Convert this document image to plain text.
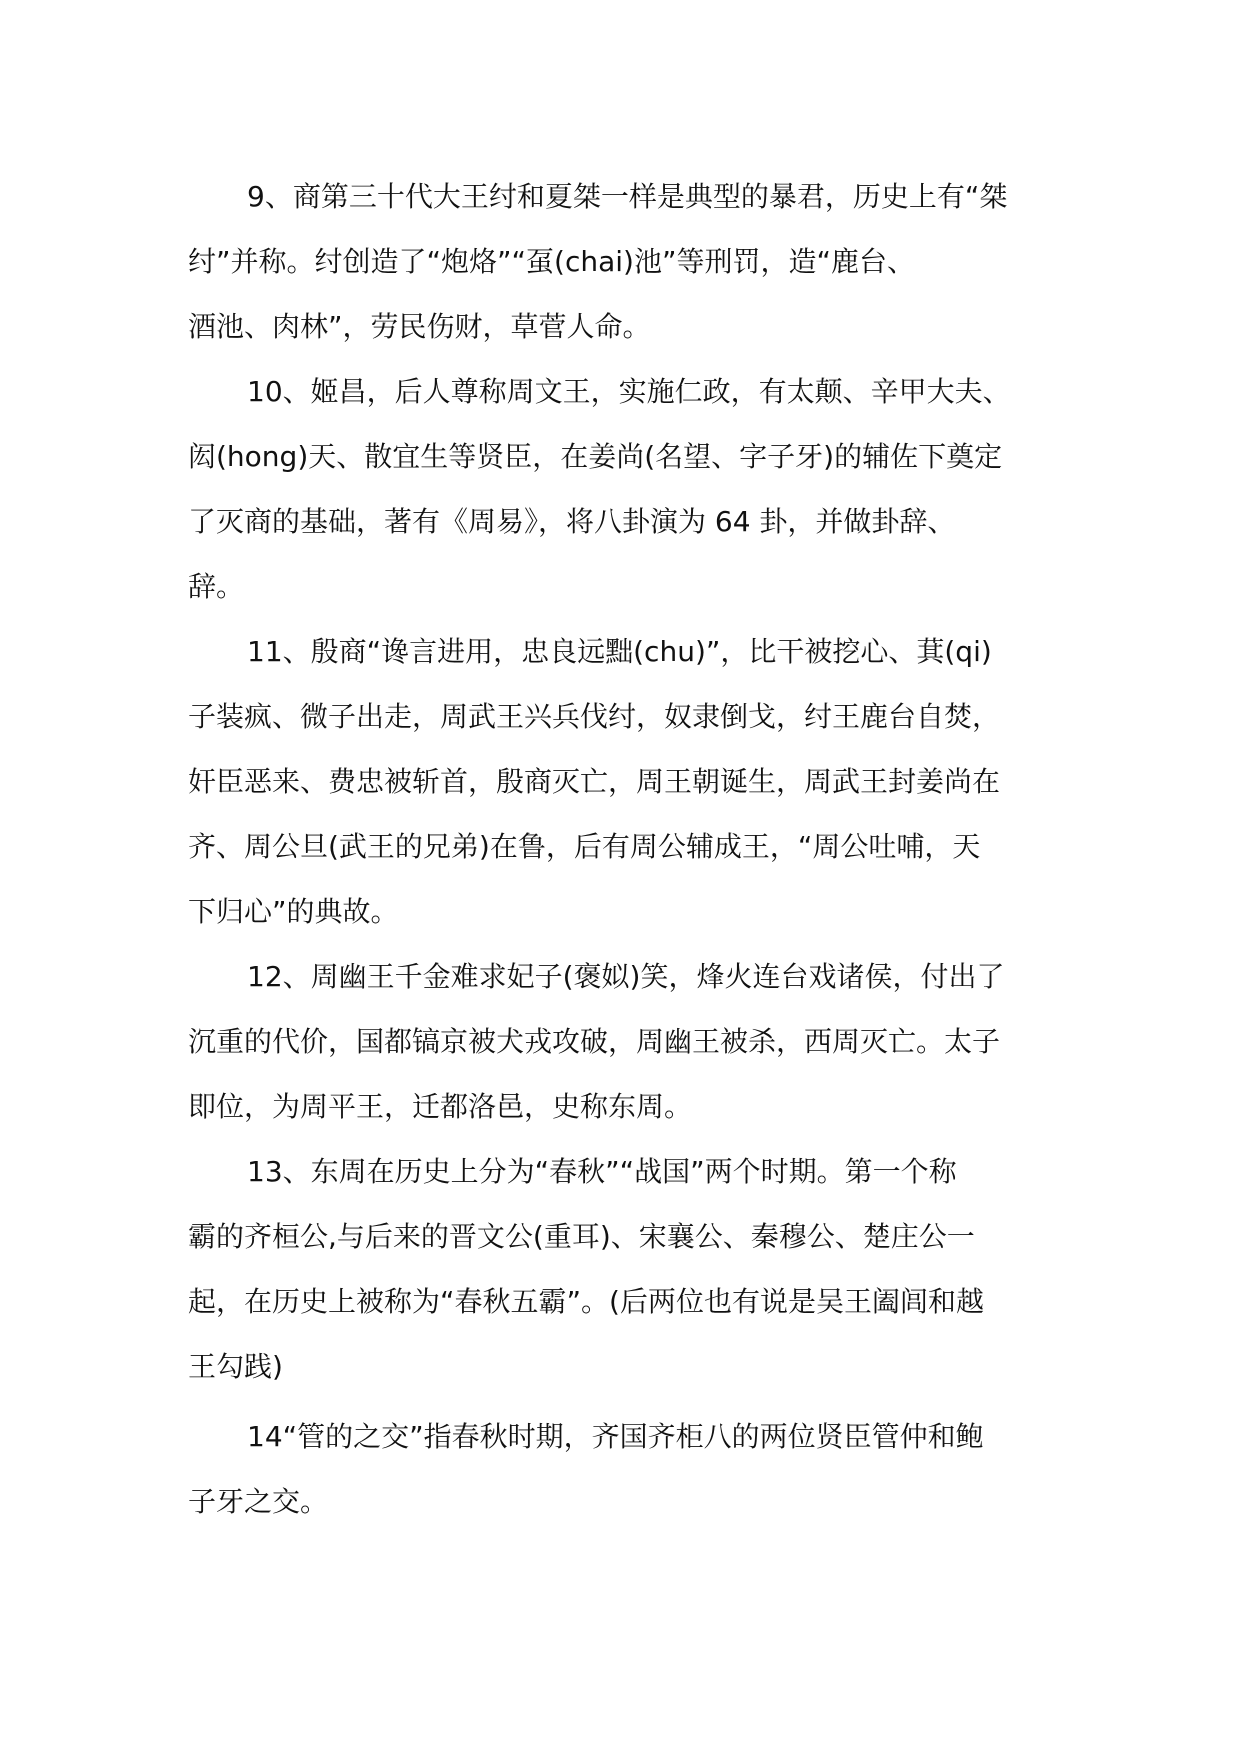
9、商第三十代大王纣和夏桀一样是典型的暴君，历史上有“桀
纣”并称。纣创造了“炮烙”“虿(chai)池”等刑罚，造“鹿台、
酒池、肉林”，劳民伤财，草菅人命。
10、姬昌，后人尊称周文王，实施仁政，有太颠、辛甲大夫、
闳(hong)天、散宜生等贤臣，在姜尚(名望、字子牙)的辅佐下奠定
了灭商的基础，著有《周易》，将八卦演为 64 卦，并做卦辞、
辞。
11、殷商“谗言进用，忠良远黜(chu)”，比干被挖心、萁(qi)
子装疯、微子出走，周武王兴兵伐纣，奴隶倒戈，纣王鹿台自焚，
奸臣恶来、费忠被斩首，殷商灭亡，周王朝诞生，周武王封姜尚在
齐、周公旦(武王的兄弟)在鲁，后有周公辅成王，“周公吐哺，天
下归心”的典故。
12、周幽王千金难求妃子(褒姒)笑，烽火连台戏诸侯，付出了
沉重的代价，国都镐京被犬戎攻破，周幽王被杀，西周灭亡。太子
即位，为周平王，迁都洛邑，史称东周。
13、东周在历史上分为“春秋”“战国”两个时期。第一个称
霸的齐桓公,与后来的晋文公(重耳)、宋襄公、秦穆公、楚庄公一
起，在历史上被称为“春秋五霸”。(后两位也有说是吴王阖闾和越
王勾践)
14“管的之交”指春秋时期，齐国齐柜八的两位贤臣管仲和鲍
子牙之交。
